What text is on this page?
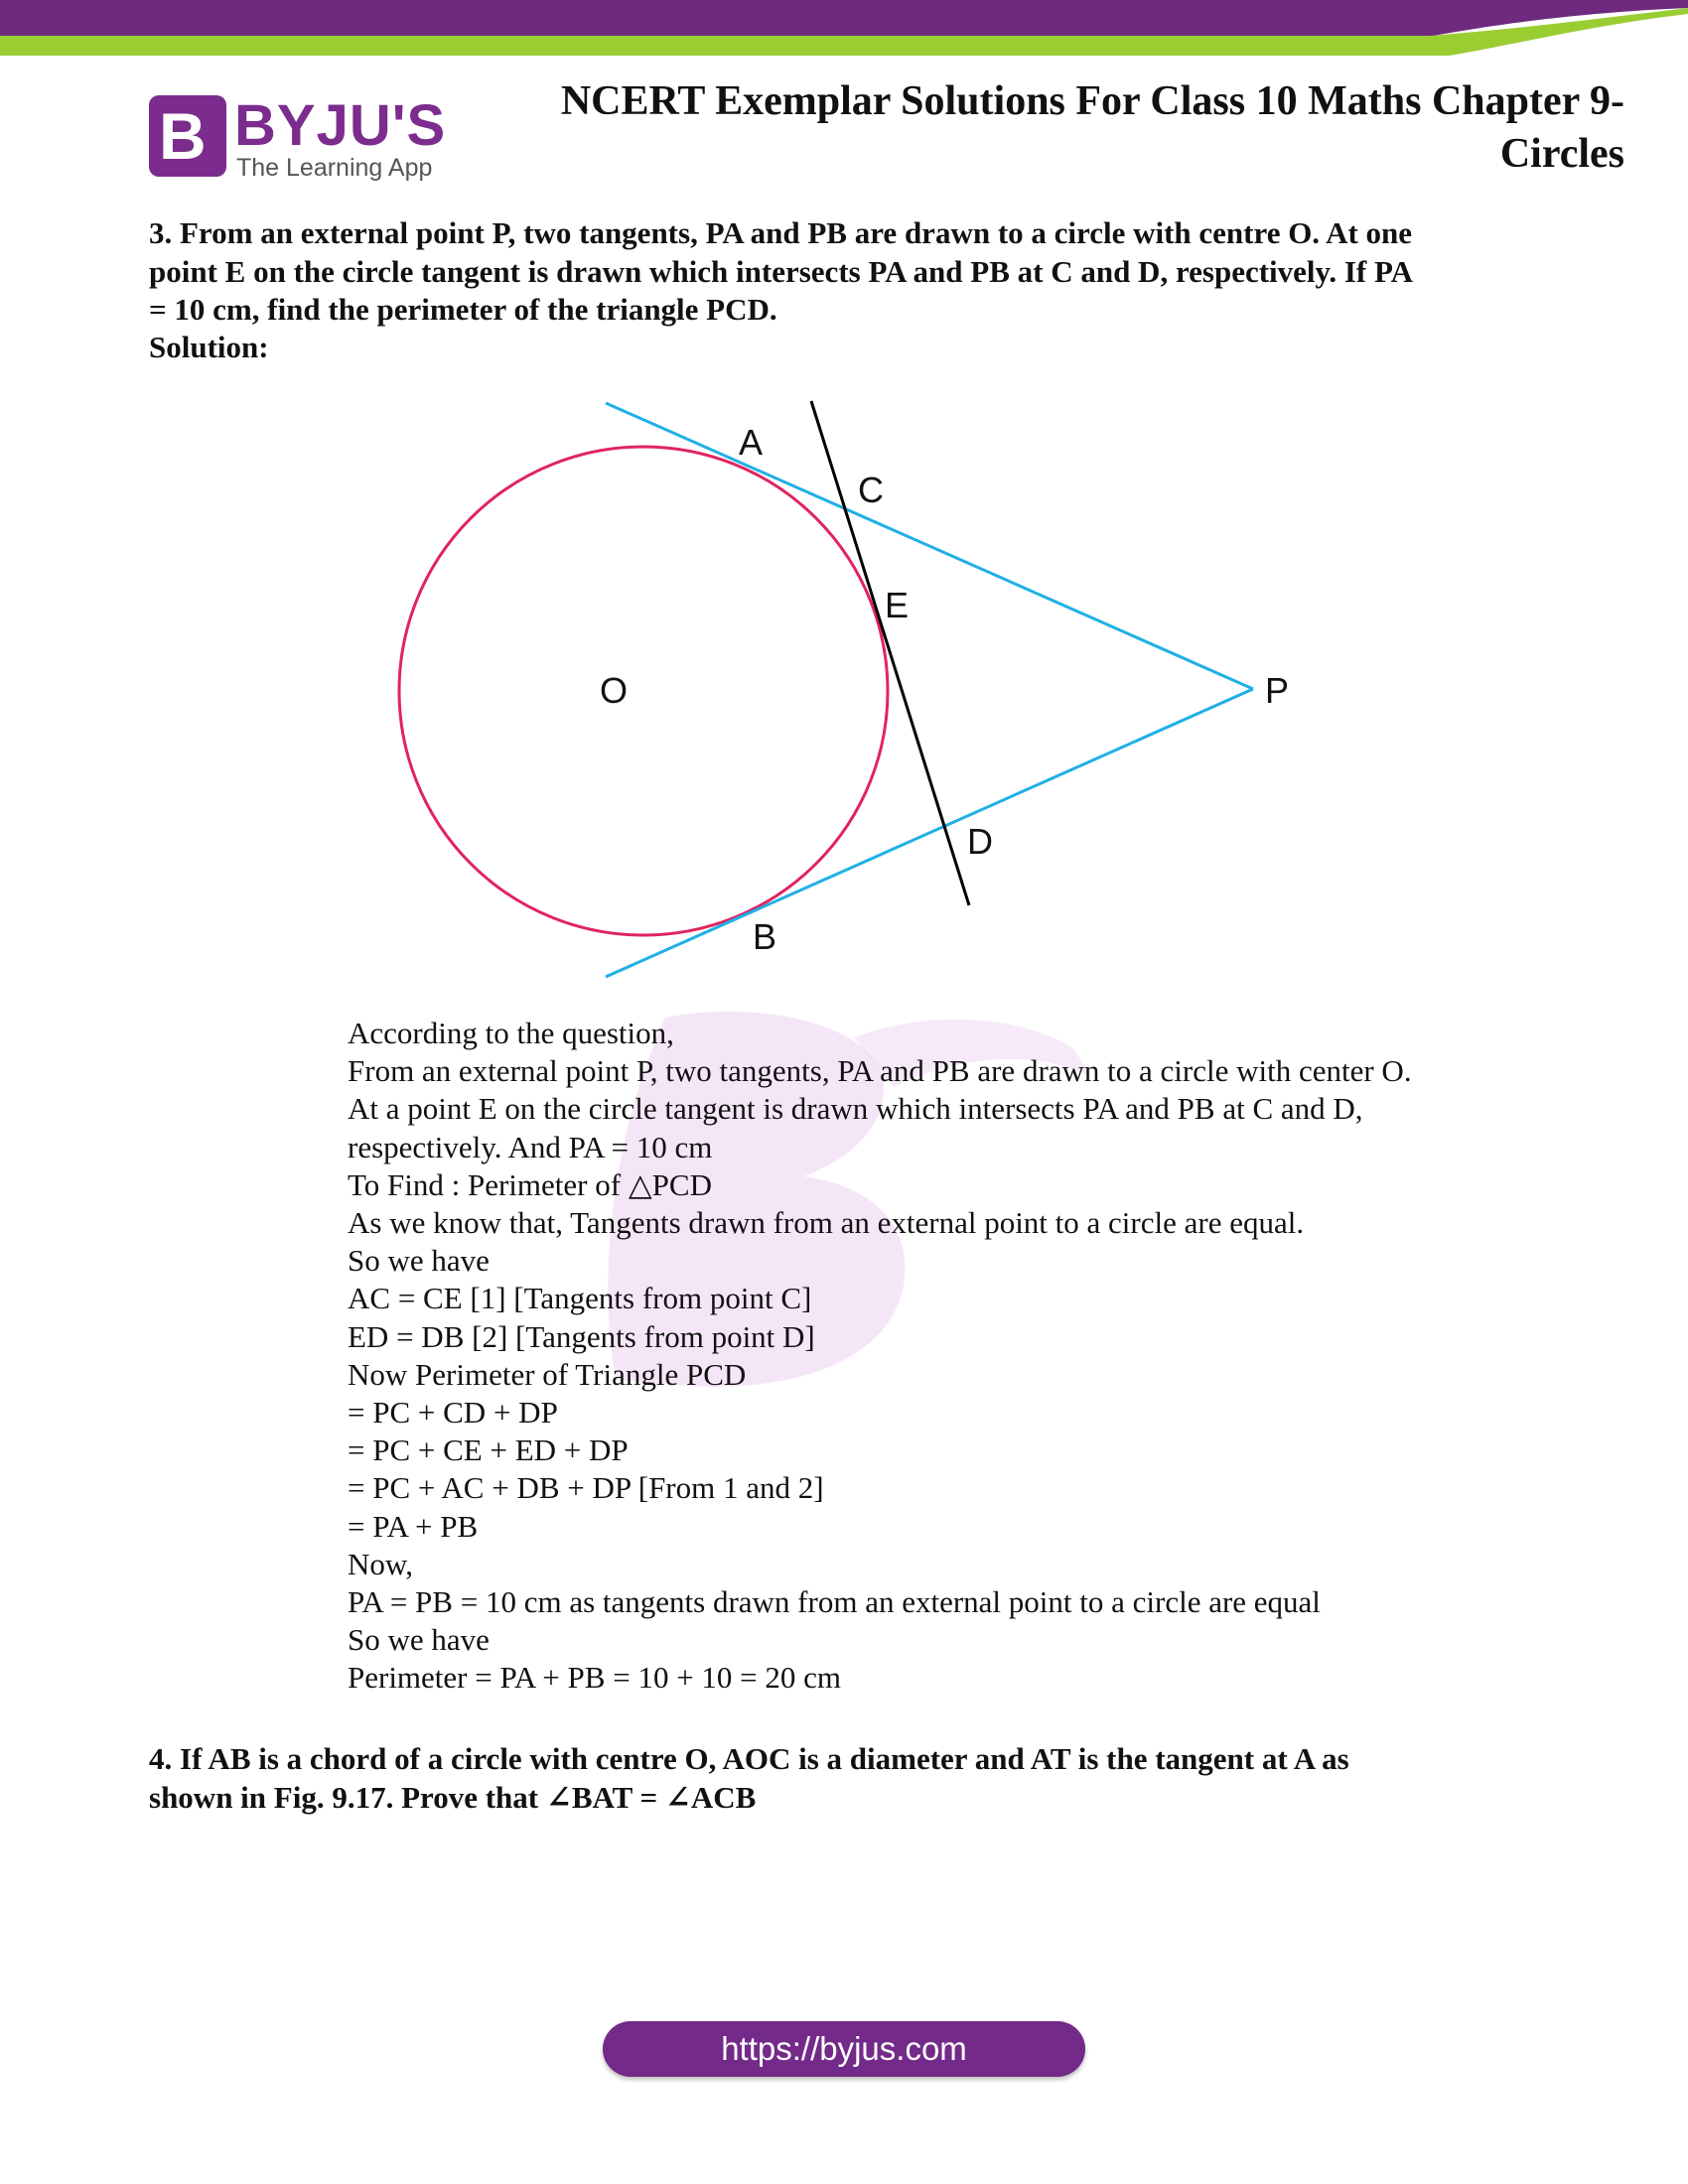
B BYJU'S
The Learning App
NCERT Exemplar Solutions For Class 10 Maths Chapter 9-
Circles
3. From an external point P, two tangents, PA and PB are drawn to a circle with centre O. At one
point E on the circle tangent is drawn which intersects PA and PB at C and D, respectively. If PA
= 10 cm, find the perimeter of the triangle PCD.
Solution:
A
C
E
O	P
D
B
According to the question,
From an external point P, two tangents, PA and PB are drawn to a circle with center O.
At a point E on the circle tangent is drawn which intersects PA and PB at C and D,
respectively. And PA = 10 cm
To Find : Perimeter of △PCD
As we know that, Tangents drawn from an external point to a circle are equal.
So we have
AC = CE [1] [Tangents from point C]
ED = DB [2] [Tangents from point D]
Now Perimeter of Triangle PCD
= PC + CD + DP
= PC + CE + ED + DP
= PC + AC + DB + DP [From 1 and 2]
= PA + PB
Now,
PA = PB = 10 cm as tangents drawn from an external point to a circle are equal
So we have
Perimeter = PA + PB = 10 + 10 = 20 cm
4. If AB is a chord of a circle with centre O, AOC is a diameter and AT is the tangent at A as
shown in Fig. 9.17. Prove that ∠BAT = ∠ACB
https://byjus.com
